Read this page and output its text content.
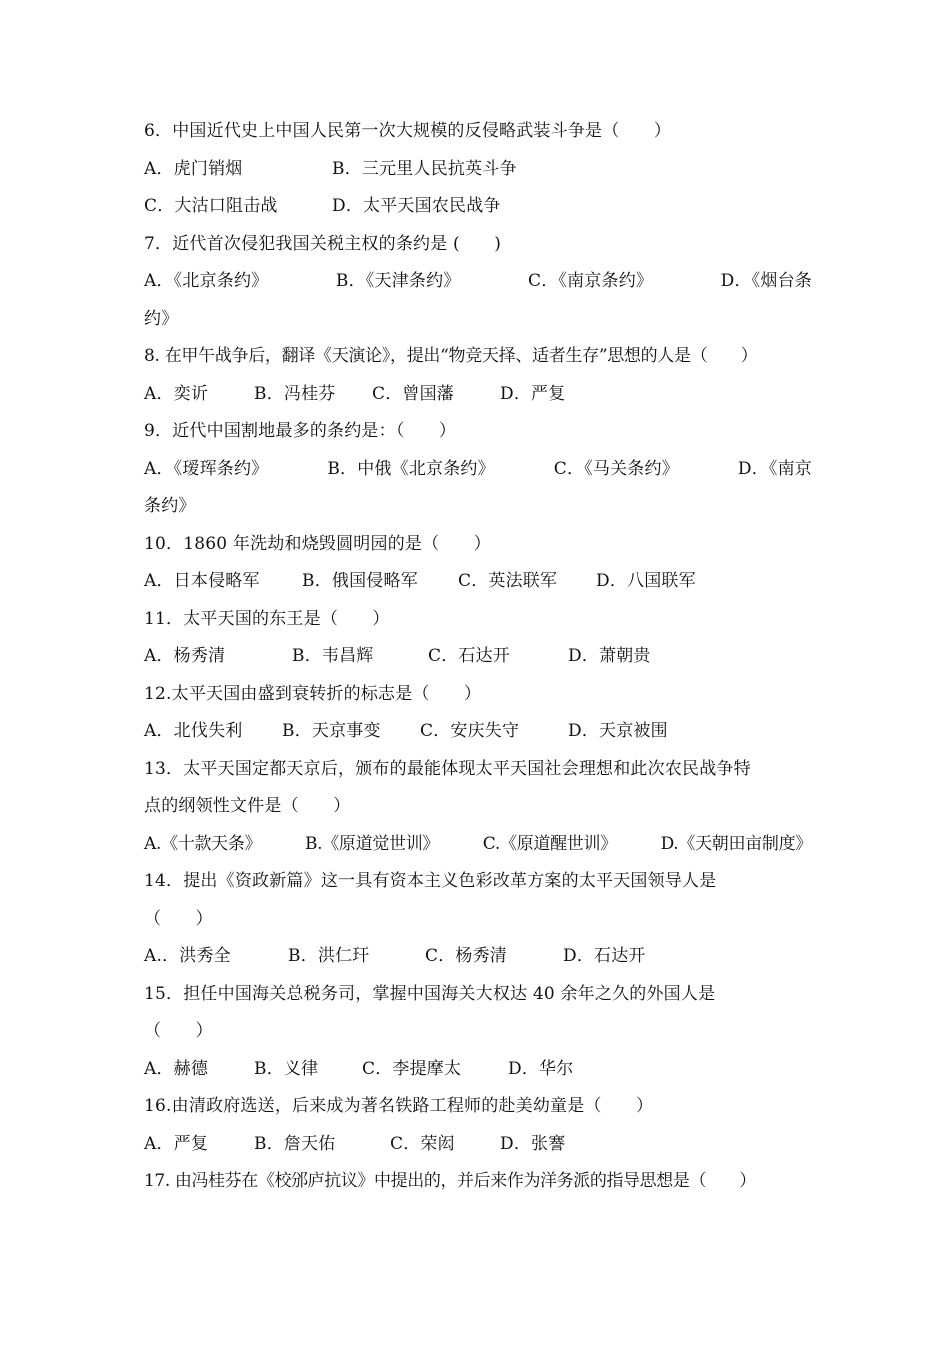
6．中国近代史上中国人民第一次大规模的反侵略武装斗争是（　　）
A．虎门销烟	B．三元里人民抗英斗争
C．大沽口阻击战	D．太平天国农民战争
7．近代首次侵犯我国关税主权的条约是 (　　)
A．《北京条约》	B．《天津条约》	C．《南京条约》	D．《烟台条
约》
8. 在甲午战争后，翻译《天演论》，提出“物竞天择、适者生存”思想的人是（　　）
A．奕䜣	B．冯桂芬	C．曾国藩	D．严复
9．近代中国割地最多的条约是：（　　）
A．《瑷珲条约》	B．中俄《北京条约》	C．《马关条约》	D．《南京
条约》
10．1860 年洗劫和烧毁圆明园的是（　　）
A．日本侵略军	B．俄国侵略军	C．英法联军	D．八国联军
11．太平天国的东王是（　　）
A．杨秀清	B．韦昌辉	C．石达开	D．萧朝贵
12.太平天国由盛到衰转折的标志是（　　）
A．北伐失利	B．天京事变	C．安庆失守	D．天京被围
13．太平天国定都天京后，颁布的最能体现太平天国社会理想和此次农民战争特
点的纲领性文件是（　　）
A.《十款天条》	B.《原道觉世训》	C.《原道醒世训》	D.《天朝田亩制度》
14．提出《资政新篇》这一具有资本主义色彩改革方案的太平天国领导人是
（　　）
A.．洪秀全	B．洪仁玕	C．杨秀清	D．石达开
15．担任中国海关总税务司，掌握中国海关大权达 40 余年之久的外国人是
（　　）
A．赫德	B．义律	C．李提摩太	D．华尔
16.由清政府选送，后来成为著名铁路工程师的赴美幼童是（　　）
A．严复	B．詹天佑	C．荣闳	D．张謇
17. 由冯桂芬在《校邠庐抗议》中提出的，并后来作为洋务派的指导思想是（　　）
